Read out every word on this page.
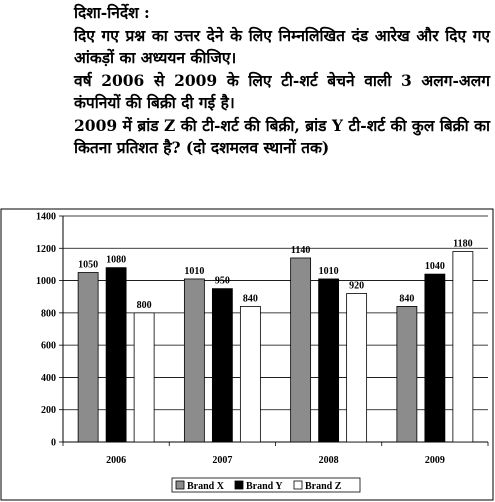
दिशा-निर्देश :

दिए गए प्रश्न का उत्तर देने के लिए निम्नलिखित दंड आरेख और दिए गए आंकड़ों का अध्ययन कीजिए।

वर्ष 2006 से 2009 के लिए टी-शर्ट बेचने वाली 3 अलग-अलग कंपनियों की बिक्री दी गई है।

2009 में ब्रांड Z की टी-शर्ट की बिक्री, ब्रांड Y टी-शर्ट की कुल बिक्री का कितना प्रतिशत है? (दो दशमलव स्थानों तक)

0
200
400
600
800
1000
1200
1400
2006
1050 1080
800
2007
1010
950
840
2008
1140
1010
920
2009
840
1040
1180
Brand X Brand Y Brand Z
